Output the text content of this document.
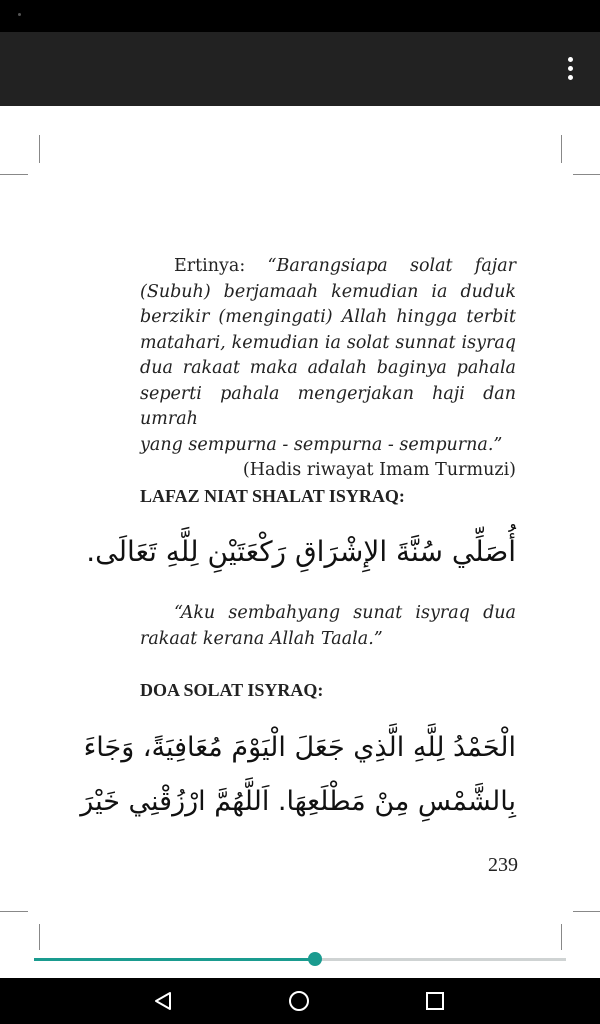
Ertinya: “Barangsiapa solat fajar
(Subuh) berjamaah kemudian ia duduk
berzikir (mengingati) Allah hingga terbit
matahari, kemudian ia solat sunnat isyraq
dua rakaat maka adalah baginya pahala
seperti pahala mengerjakan haji dan umrah
yang sempurna - sempurna - sempurna.”
(Hadis riwayat Imam Turmuzi)
LAFAZ NIAT SHALAT ISYRAQ:
أُصَلِّي سُنَّةَ الإِشْرَاقِ رَكْعَتَيْنِ لِلَّهِ تَعَالَى.
“Aku sembahyang sunat isyraq dua
rakaat kerana Allah Taala.”
DOA SOLAT ISYRAQ:
الْحَمْدُ لِلَّهِ الَّذِي جَعَلَ الْيَوْمَ مُعَافِيَةً، وَجَاءَ
بِالشَّمْسِ مِنْ مَطْلَعِهَا. اَللَّهُمَّ ارْزُقْنِي خَيْرَ
239
